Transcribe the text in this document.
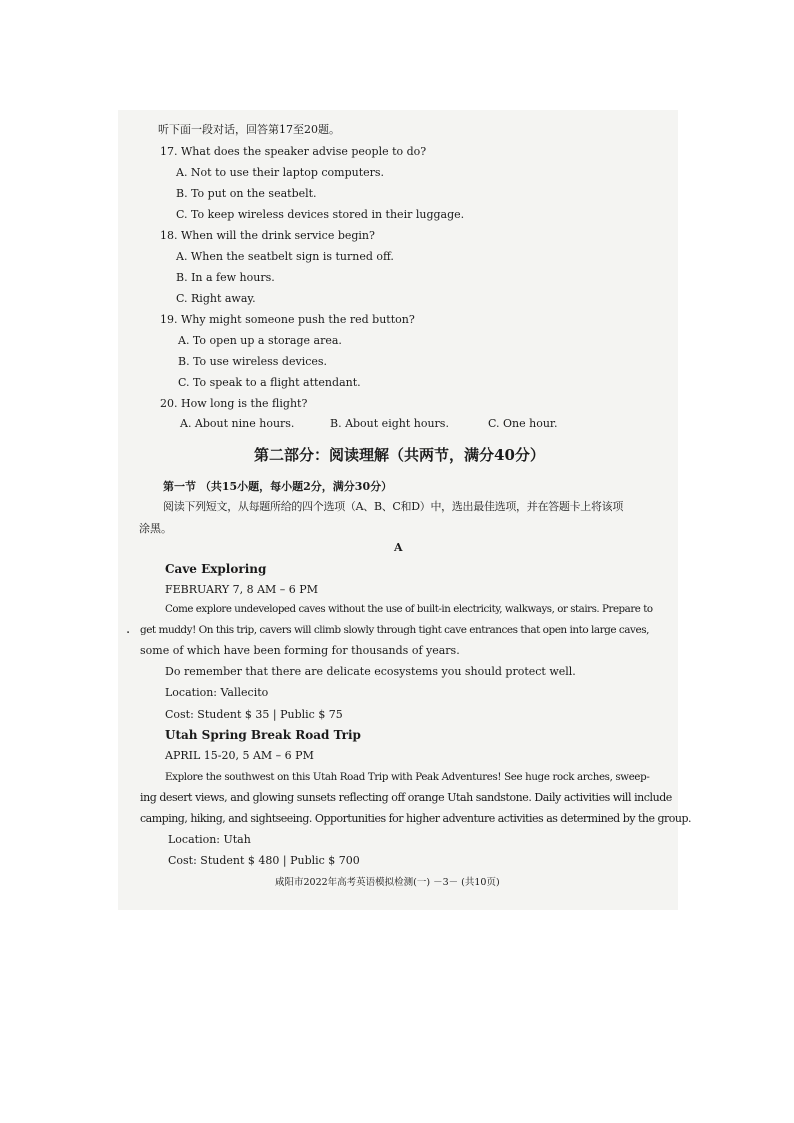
听下面一段对话，回答第17至20题。
17. What does the speaker advise people to do?
A. Not to use their laptop computers.
B. To put on the seatbelt.
C. To keep wireless devices stored in their luggage.
18. When will the drink service begin?
A. When the seatbelt sign is turned off.
B. In a few hours.
C. Right away.
19. Why might someone push the red button?
A. To open up a storage area.
B. To use wireless devices.
C. To speak to a flight attendant.
20. How long is the flight?
A. About nine hours.	B. About eight hours.	C. One hour.
第二部分：阅读理解（共两节，满分40分）
第一节 （共15小题，每小题2分，满分30分）
阅读下列短文，从每题所给的四个选项（A、B、C和D）中，选出最佳选项，并在答题卡上将该项
涂黑。
A
Cave Exploring
FEBRUARY 7, 8 AM – 6 PM
Come explore undeveloped caves without the use of built-in electricity, walkways, or stairs. Prepare to
. get muddy! On this trip, cavers will climb slowly through tight cave entrances that open into large caves,
some of which have been forming for thousands of years.
Do remember that there are delicate ecosystems you should protect well.
Location: Vallecito
Cost: Student $ 35 | Public $ 75
Utah Spring Break Road Trip
APRIL 15-20, 5 AM – 6 PM
Explore the southwest on this Utah Road Trip with Peak Adventures! See huge rock arches, sweep-
ing desert views, and glowing sunsets reflecting off orange Utah sandstone. Daily activities will include
camping, hiking, and sightseeing. Opportunities for higher adventure activities as determined by the group.
Location: Utah
Cost: Student $ 480 | Public $ 700
咸阳市2022年高考英语模拟检测(一) －3－ (共10页)
